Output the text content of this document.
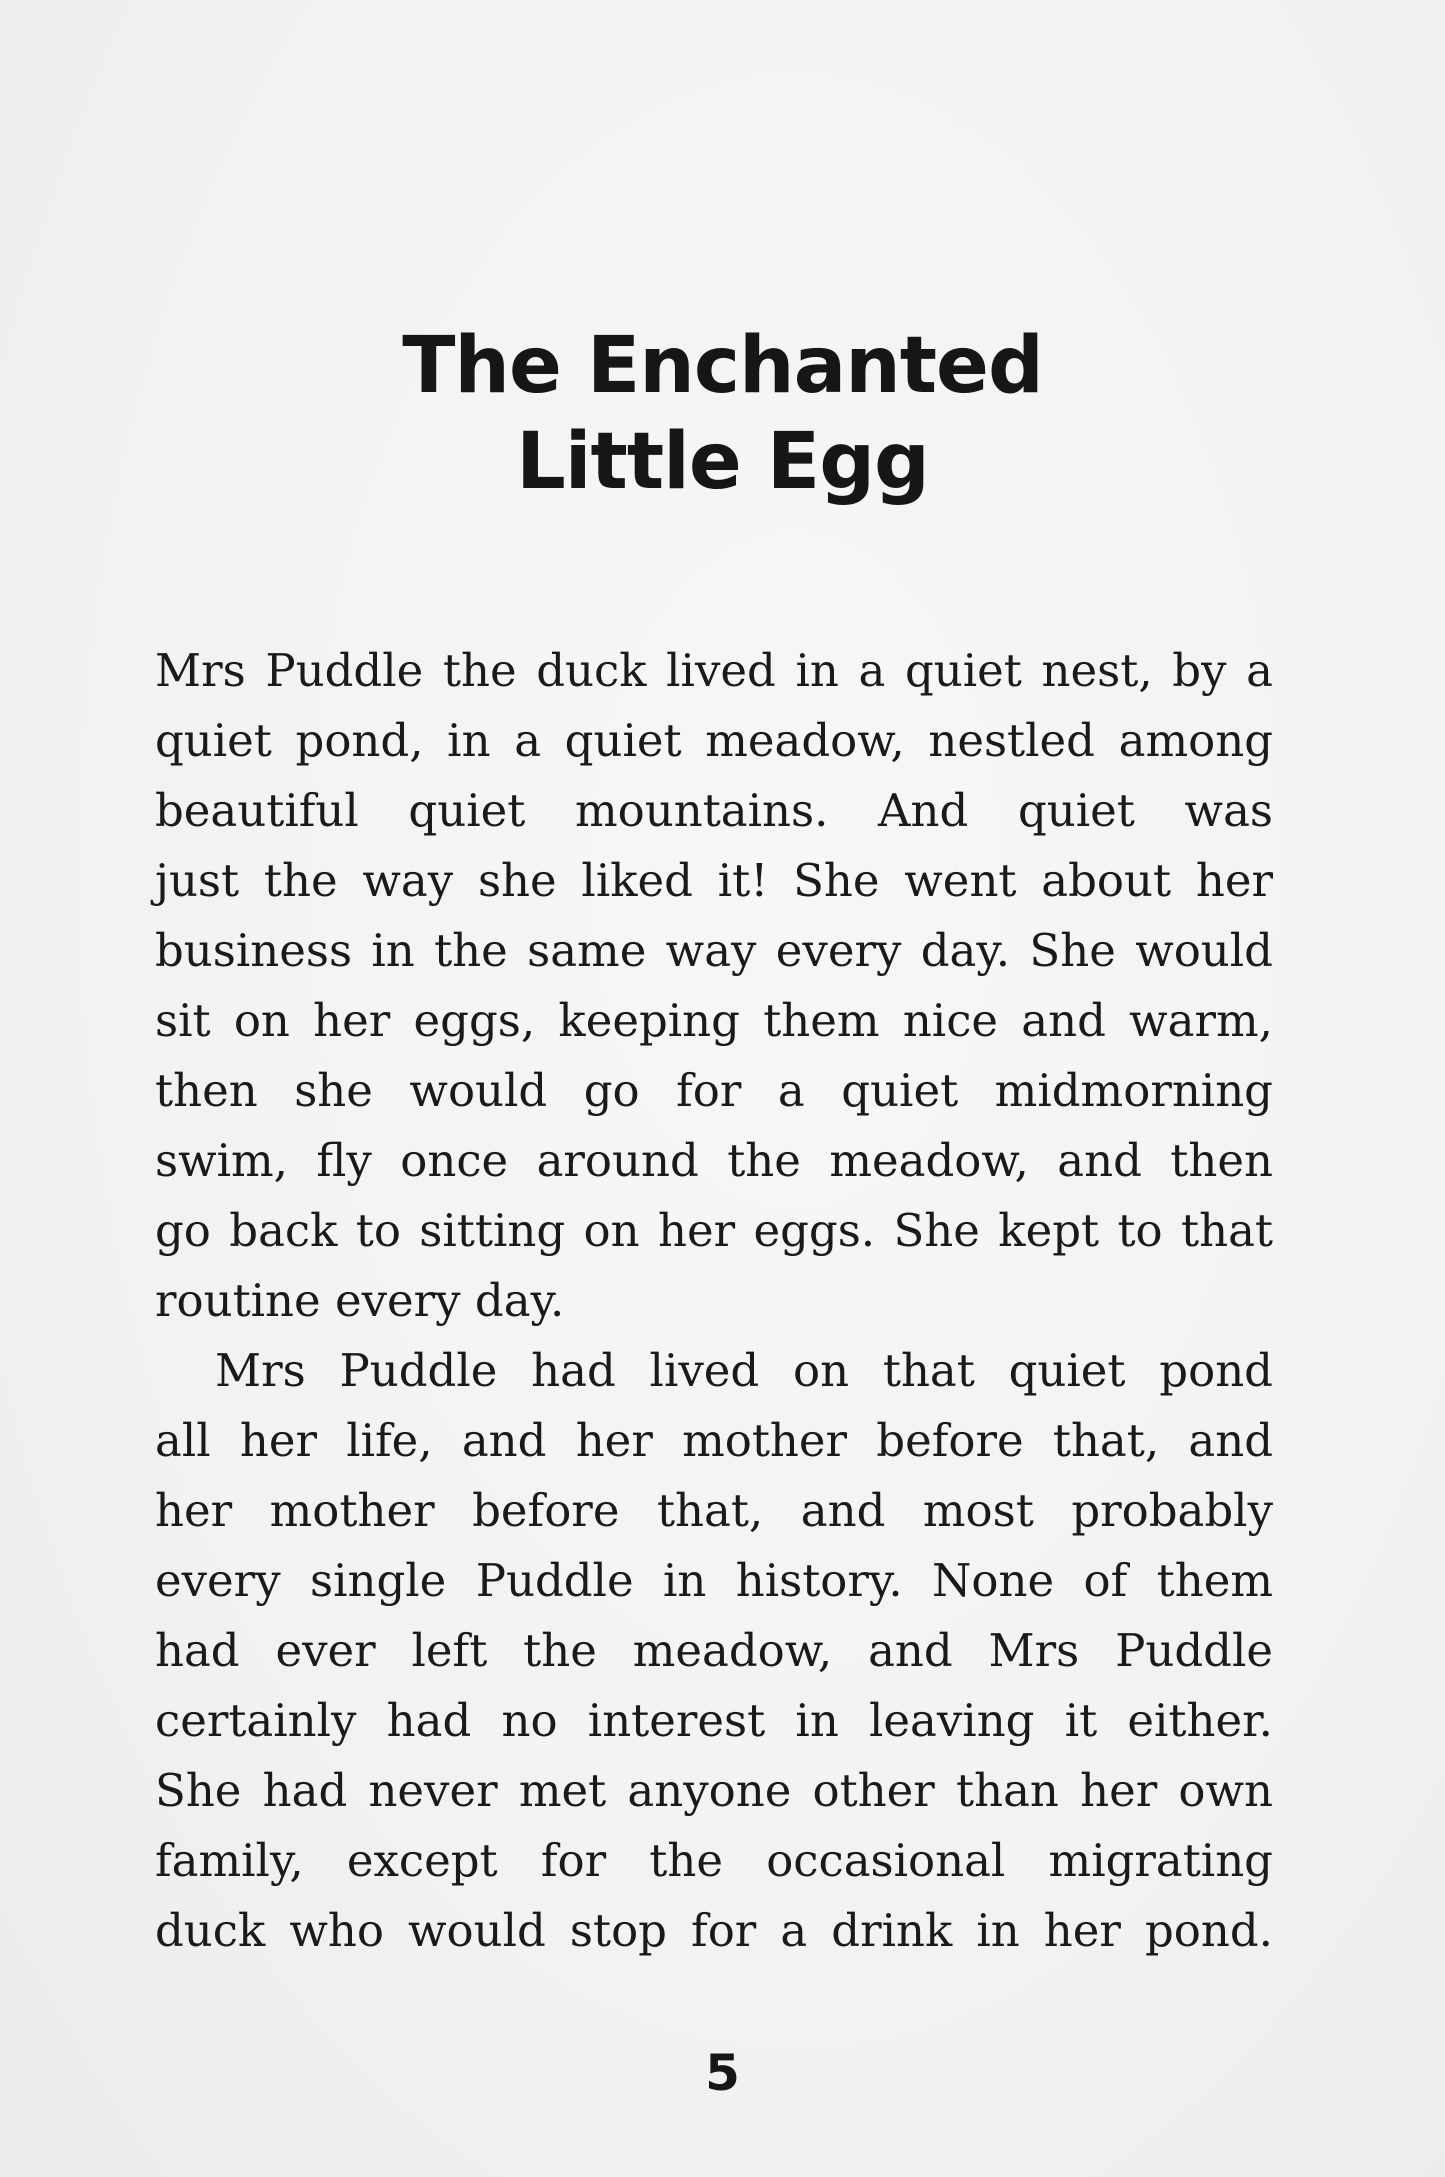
The Enchanted
Little Egg
Mrs Puddle the duck lived in a quiet nest, by a
quiet pond, in a quiet meadow, nestled among
beautiful quiet mountains. And quiet was
just the way she liked it! She went about her
business in the same way every day. She would
sit on her eggs, keeping them nice and warm,
then she would go for a quiet midmorning
swim, fly once around the meadow, and then
go back to sitting on her eggs. She kept to that
routine every day.
Mrs Puddle had lived on that quiet pond
all her life, and her mother before that, and
her mother before that, and most probably
every single Puddle in history. None of them
had ever left the meadow, and Mrs Puddle
certainly had no interest in leaving it either.
She had never met anyone other than her own
family, except for the occasional migrating
duck who would stop for a drink in her pond.
5
